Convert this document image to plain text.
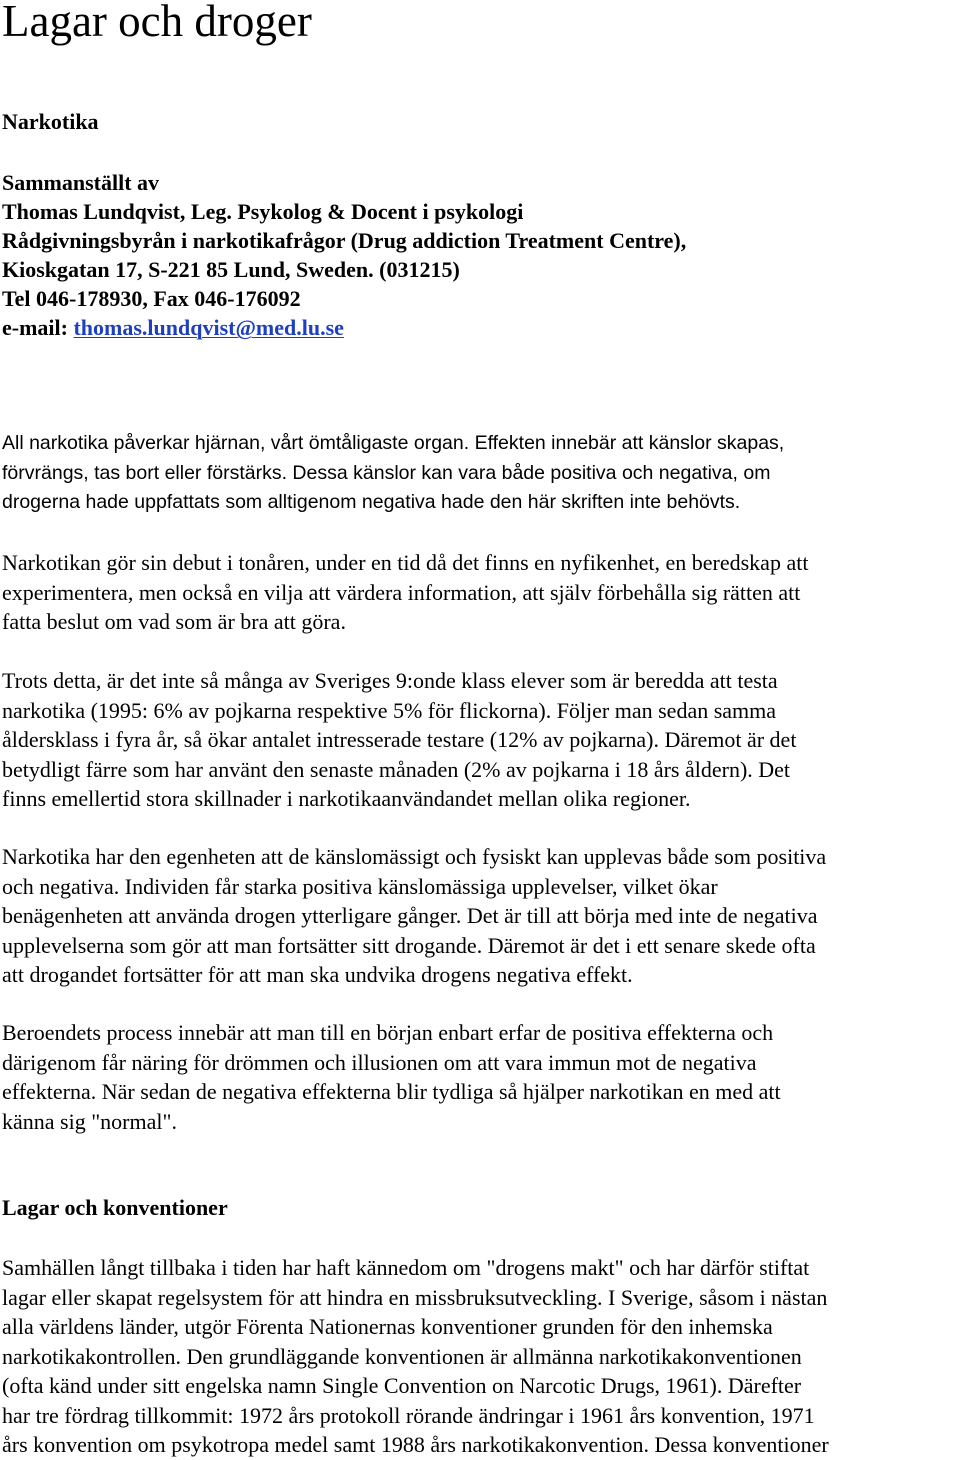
Lagar och droger
Narkotika
Sammanställt av
Thomas Lundqvist, Leg. Psykolog & Docent i psykologi
Rådgivningsbyrån i narkotikafrågor (Drug addiction Treatment Centre),
Kioskgatan 17, S-221 85 Lund, Sweden. (031215)
Tel 046-178930, Fax 046-176092
e-mail: thomas.lundqvist@med.lu.se
All narkotika påverkar hjärnan, vårt ömtåligaste organ. Effekten innebär att känslor skapas,
förvrängs, tas bort eller förstärks. Dessa känslor kan vara både positiva och negativa, om
drogerna hade uppfattats som alltigenom negativa hade den här skriften inte behövts.
Narkotikan gör sin debut i tonåren, under en tid då det finns en nyfikenhet, en beredskap att
experimentera, men också en vilja att värdera information, att själv förbehålla sig rätten att
fatta beslut om vad som är bra att göra.
Trots detta, är det inte så många av Sveriges 9:onde klass elever som är beredda att testa
narkotika (1995: 6% av pojkarna respektive 5% för flickorna). Följer man sedan samma
åldersklass i fyra år, så ökar antalet intresserade testare (12% av pojkarna). Däremot är det
betydligt färre som har använt den senaste månaden (2% av pojkarna i 18 års åldern). Det
finns emellertid stora skillnader i narkotikaanvändandet mellan olika regioner.
Narkotika har den egenheten att de känslomässigt och fysiskt kan upplevas både som positiva
och negativa. Individen får starka positiva känslomässiga upplevelser, vilket ökar
benägenheten att använda drogen ytterligare gånger. Det är till att börja med inte de negativa
upplevelserna som gör att man fortsätter sitt drogande. Däremot är det i ett senare skede ofta
att drogandet fortsätter för att man ska undvika drogens negativa effekt.
Beroendets process innebär att man till en början enbart erfar de positiva effekterna och
därigenom får näring för drömmen och illusionen om att vara immun mot de negativa
effekterna. När sedan de negativa effekterna blir tydliga så hjälper narkotikan en med att
känna sig "normal".
Lagar och konventioner
Samhällen långt tillbaka i tiden har haft kännedom om "drogens makt" och har därför stiftat
lagar eller skapat regelsystem för att hindra en missbruksutveckling. I Sverige, såsom i nästan
alla världens länder, utgör Förenta Nationernas konventioner grunden för den inhemska
narkotikakontrollen. Den grundläggande konventionen är allmänna narkotikakonventionen
(ofta känd under sitt engelska namn Single Convention on Narcotic Drugs, 1961). Därefter
har tre fördrag tillkommit: 1972 års protokoll rörande ändringar i 1961 års konvention, 1971
års konvention om psykotropa medel samt 1988 års narkotikakonvention. Dessa konventioner
